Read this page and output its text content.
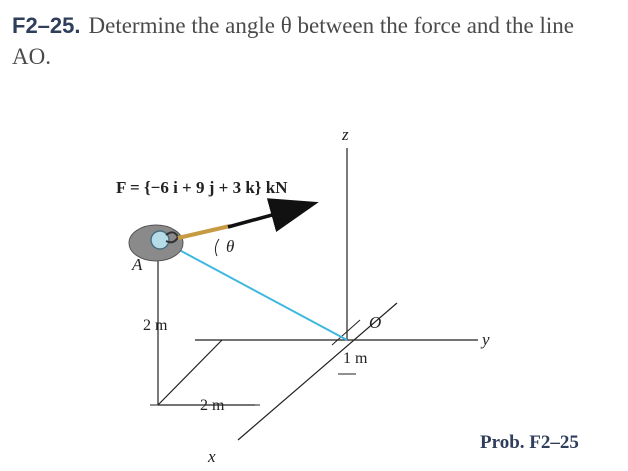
F2–25. Determine the angle θ between the force and the line AO.
z
y
x
F = {−6 i + 9 j + 3 k} kN
A
O
θ
2 m
1 m
2 m
Prob. F2–25
